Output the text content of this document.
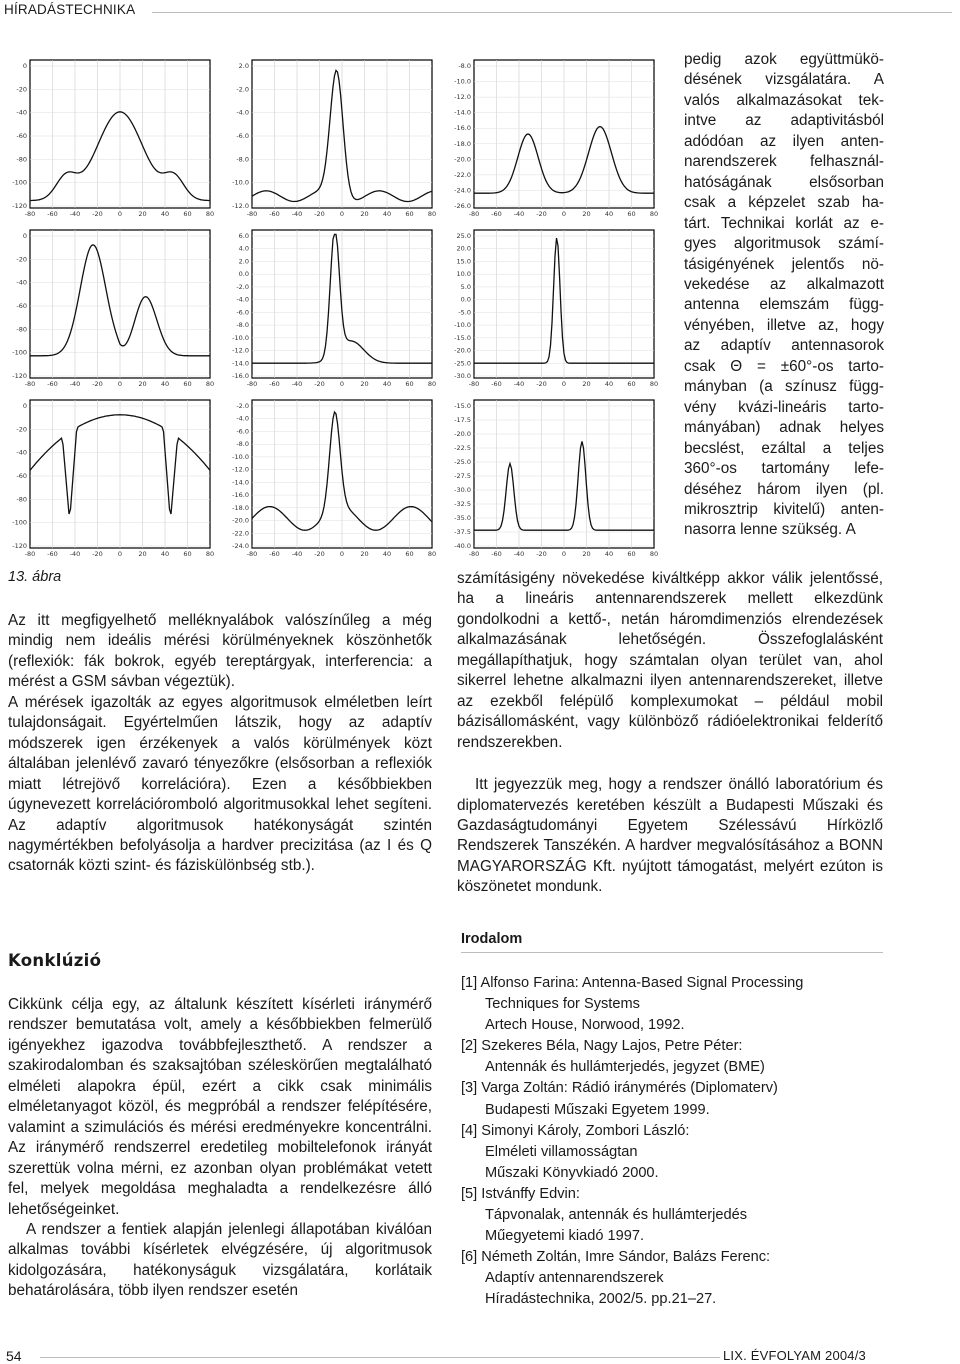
HÍRADÁSTECHNIKA
0
-20
-40
-60
-80
-100
-120
-80 -60 -40 -20 0	20 40 60 80
2.0
-2.0
-4.0
-6.0
-8.0
-10.0
-12.0
-80 -60 -40 -20 0	20 40 60 80
-8.0
-10.0
-12.0
-14.0
-16.0
-18.0
-20.0
-22.0
-24.0
-26.0
-80 -60 -40 -20 0	20 40 60 80
0
-20
-40
-60
-80
-100
-120
-80 -60 -40 -20 0	20 40 60 80
6.0
4.0
2.0
0.0
-2.0
-4.0
-6.0
-8.0
-10.0
-12.0
-14.0
-16.0
-80 -60 -40 -20 0	20 40 60 80
25.0
20.0
15.0
10.0
5.0
0.0
-5.0
-10.0
-15.0
-20.0
-25.0
-30.0
-80 -60 -40 -20 0	20 40 60 80
0
-20
-40
-60
-80
-100
-120
-80 -60 -40 -20 0	20 40 60 80
-2.0
-4.0
-6.0
-8.0
-10.0
-12.0
-14.0
-16.0
-18.0
-20.0
-22.0
-24.0
-80 -60 -40 -20 0	20 40 60 80
-15.0
-17.5
-20.0
-22.5
-25.0
-27.5
-30.0
-32.5
-35.0
-37.5
-40.0
-80 -60 -40 -20 0	20 40 60 80
13. ábra
pedig azok együttmükö-
désének vizsgálatára. A
valós alkalmazásokat tek-
intve az adaptivitásból
adódóan az ilyen anten-
narendszerek felhasznál-
hatóságának elsősorban
csak a képzelet szab ha-
tárt. Technikai korlát az e-
gyes algoritmusok számí-
tásigényének jelentős nö-
vekedése az alkalmazott
antenna elemszám függ-
vényében, illetve az, hogy
az adaptív antennasorok
csak Θ = ±60°-os tarto-
mányban (a színusz függ-
vény kvázi-lineáris tarto-
mányában) adnak helyes
becslést, ezáltal a teljes
360°-os tartomány lefe-
déséhez három ilyen (pl.
mikrosztrip kivitelű) anten-
nasorra lenne szükség. A

számításigény növekedése kiváltképp akkor válik jelentőssé, ha a lineáris antennarendszerek mellett elkezdünk gondolkodni a kettő-, netán háromdimenziós elrendezések alkalmazásának lehetőségén. Összefoglalásként megállapíthatjuk, hogy számtalan olyan terület van, ahol sikerrel lehetne alkalmazni ilyen antennarendszereket, illetve az ezekből felépülő komplexumokat – például mobil bázisállomásként, vagy különböző rádióelektronikai felderítő rendszerekben.

Itt jegyezzük meg, hogy a rendszer önálló laboratórium és diplomatervezés keretében készült a Budapesti Műszaki és Gazdaságtudományi Egyetem Szélessávú Hírközlő Rendszerek Tanszékén. A hardver megvalósításához a BONN MAGYARORSZÁG Kft. nyújtott támogatást, melyért ezúton is köszönetet mondunk.

Az itt megfigyelhető melléknyalábok valószínűleg a még mindig nem ideális mérési körülményeknek köszönhetők (reflexiók: fák bokrok, egyéb tereptárgyak, interferencia: a mérést a GSM sávban végeztük).

A mérések igazolták az egyes algoritmusok elméletben leírt tulajdonságait. Egyértelműen látszik, hogy az adaptív módszerek igen érzékenyek a valós körülmények közt általában jelenlévő zavaró tényezőkre (elsősorban a reflexiók miatt létrejövő korrelációra). Ezen a későbbiekben úgynevezett korrelációromboló algoritmusokkal lehet segíteni. Az adaptív algoritmusok hatékonyságát szintén nagymértékben befolyásolja a hardver precizitása (az I és Q csatornák közti szint- és fáziskülönbség stb.).

Konklúzió

Cikkünk célja egy, az általunk készített kísérleti iránymérő rendszer bemutatása volt, amely a későbbiekben felmerülő igényekhez igazodva továbbfejleszthető. A rendszer a szakirodalomban és szaksajtóban széleskörűen megtalálható elméleti alapokra épül, ezért a cikk csak minimális elméletanyagot közöl, és megpróbál a rendszer felépítésére, valamint a szimulációs és mérési eredményekre koncentrálni. Az iránymérő rendszerrel eredetileg mobiltelefonok irányát szerettük volna mérni, ez azonban olyan problémákat vetett fel, melyek megoldása meghaladta a rendelkezésre álló lehetőségeinket.

A rendszer a fentiek alapján jelenlegi állapotában kiválóan alkalmas további kísérletek elvégzésére, új algoritmusok kidolgozására, hatékonyságuk vizsgálatára, korlátaik behatárolására, több ilyen rendszer esetén

Irodalom
[1] Alfonso Farina: Antenna-Based Signal Processing
Techniques for Systems
Artech House, Norwood, 1992.
[2] Szekeres Béla, Nagy Lajos, Petre Péter:
Antennák és hullámterjedés, jegyzet (BME)
[3] Varga Zoltán: Rádió iránymérés (Diplomaterv)
Budapesti Műszaki Egyetem 1999.
[4] Simonyi Károly, Zombori László:
Elméleti villamosságtan
Műszaki Könyvkiadó 2000.
[5] Istvánffy Edvin:
Tápvonalak, antennák és hullámterjedés
Műegyetemi kiadó 1997.
[6] Németh Zoltán, Imre Sándor, Balázs Ferenc:
Adaptív antennarendszerek
Híradástechnika, 2002/5. pp.21–27.
54	LIX. ÉVFOLYAM 2004/3
